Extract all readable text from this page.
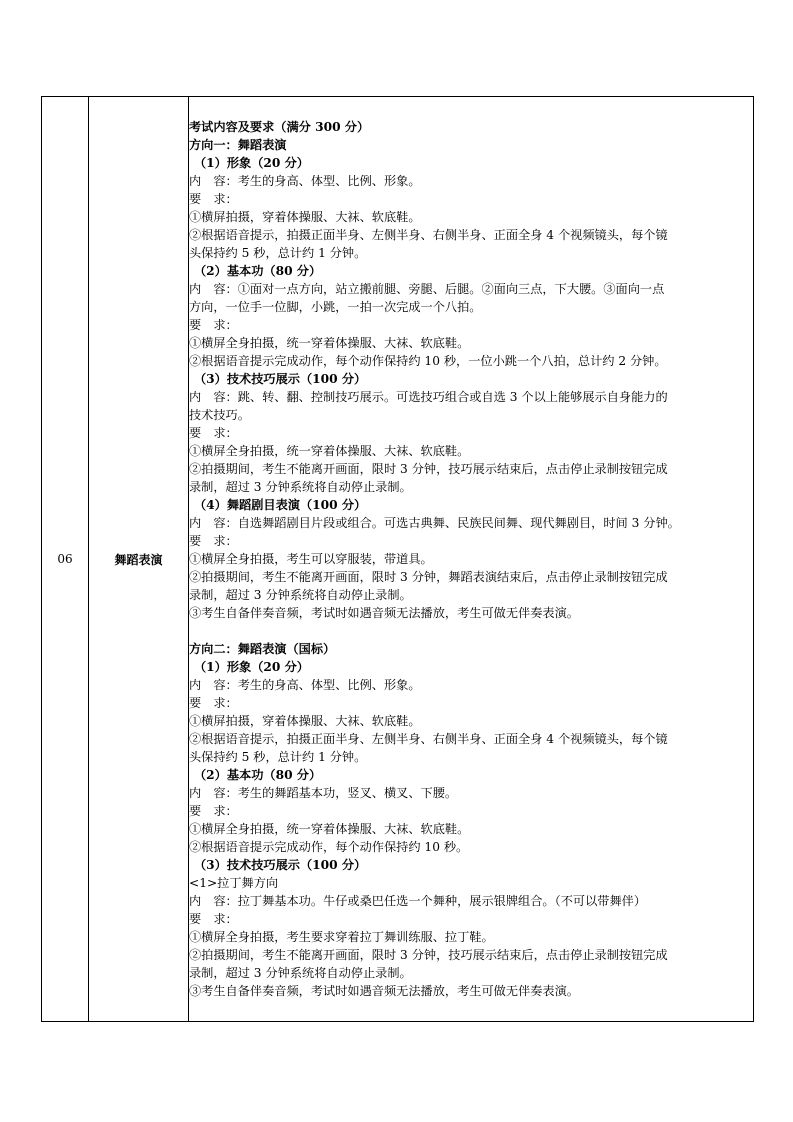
06	舞蹈表演	
考试内容及要求（满分 300 分）
方向一：舞蹈表演
（1）形象（20 分）
内　容：考生的身高、体型、比例、形象。
要　求：
①横屏拍摄，穿着体操服、大袜、软底鞋。
②根据语音提示，拍摄正面半身、左侧半身、右侧半身、正面全身 4 个视频镜头，每个镜
头保持约 5 秒，总计约 1 分钟。
（2）基本功（80 分）
内　容：①面对一点方向，站立搬前腿、旁腿、后腿。②面向三点，下大腰。③面向一点
方向，一位手一位脚，小跳，一拍一次完成一个八拍。
要　求：
①横屏全身拍摄，统一穿着体操服、大袜、软底鞋。
②根据语音提示完成动作，每个动作保持约 10 秒，一位小跳一个八拍，总计约 2 分钟。
（3）技术技巧展示（100 分）
内　容：跳、转、翻、控制技巧展示。可选技巧组合或自选 3 个以上能够展示自身能力的
技术技巧。
要　求：
①横屏全身拍摄，统一穿着体操服、大袜、软底鞋。
②拍摄期间，考生不能离开画面，限时 3 分钟，技巧展示结束后，点击停止录制按钮完成
录制，超过 3 分钟系统将自动停止录制。
（4）舞蹈剧目表演（100 分）
内　容：自选舞蹈剧目片段或组合。可选古典舞、民族民间舞、现代舞剧目，时间 3 分钟。
要　求：
①横屏全身拍摄，考生可以穿服装，带道具。
②拍摄期间，考生不能离开画面，限时 3 分钟，舞蹈表演结束后，点击停止录制按钮完成
录制，超过 3 分钟系统将自动停止录制。
③考生自备伴奏音频，考试时如遇音频无法播放，考生可做无伴奏表演。
方向二：舞蹈表演（国标）
（1）形象（20 分）
内　容：考生的身高、体型、比例、形象。
要　求：
①横屏拍摄，穿着体操服、大袜、软底鞋。
②根据语音提示，拍摄正面半身、左侧半身、右侧半身、正面全身 4 个视频镜头，每个镜
头保持约 5 秒，总计约 1 分钟。
（2）基本功（80 分）
内　容：考生的舞蹈基本功，竖叉、横叉、下腰。
要　求：
①横屏全身拍摄，统一穿着体操服、大袜、软底鞋。
②根据语音提示完成动作，每个动作保持约 10 秒。
（3）技术技巧展示（100 分）
<1>拉丁舞方向
内　容：拉丁舞基本功。牛仔或桑巴任选一个舞种，展示银牌组合。（不可以带舞伴）
要　求：
①横屏全身拍摄，考生要求穿着拉丁舞训练服、拉丁鞋。
②拍摄期间，考生不能离开画面，限时 3 分钟，技巧展示结束后，点击停止录制按钮完成
录制，超过 3 分钟系统将自动停止录制。
③考生自备伴奏音频，考试时如遇音频无法播放，考生可做无伴奏表演。
